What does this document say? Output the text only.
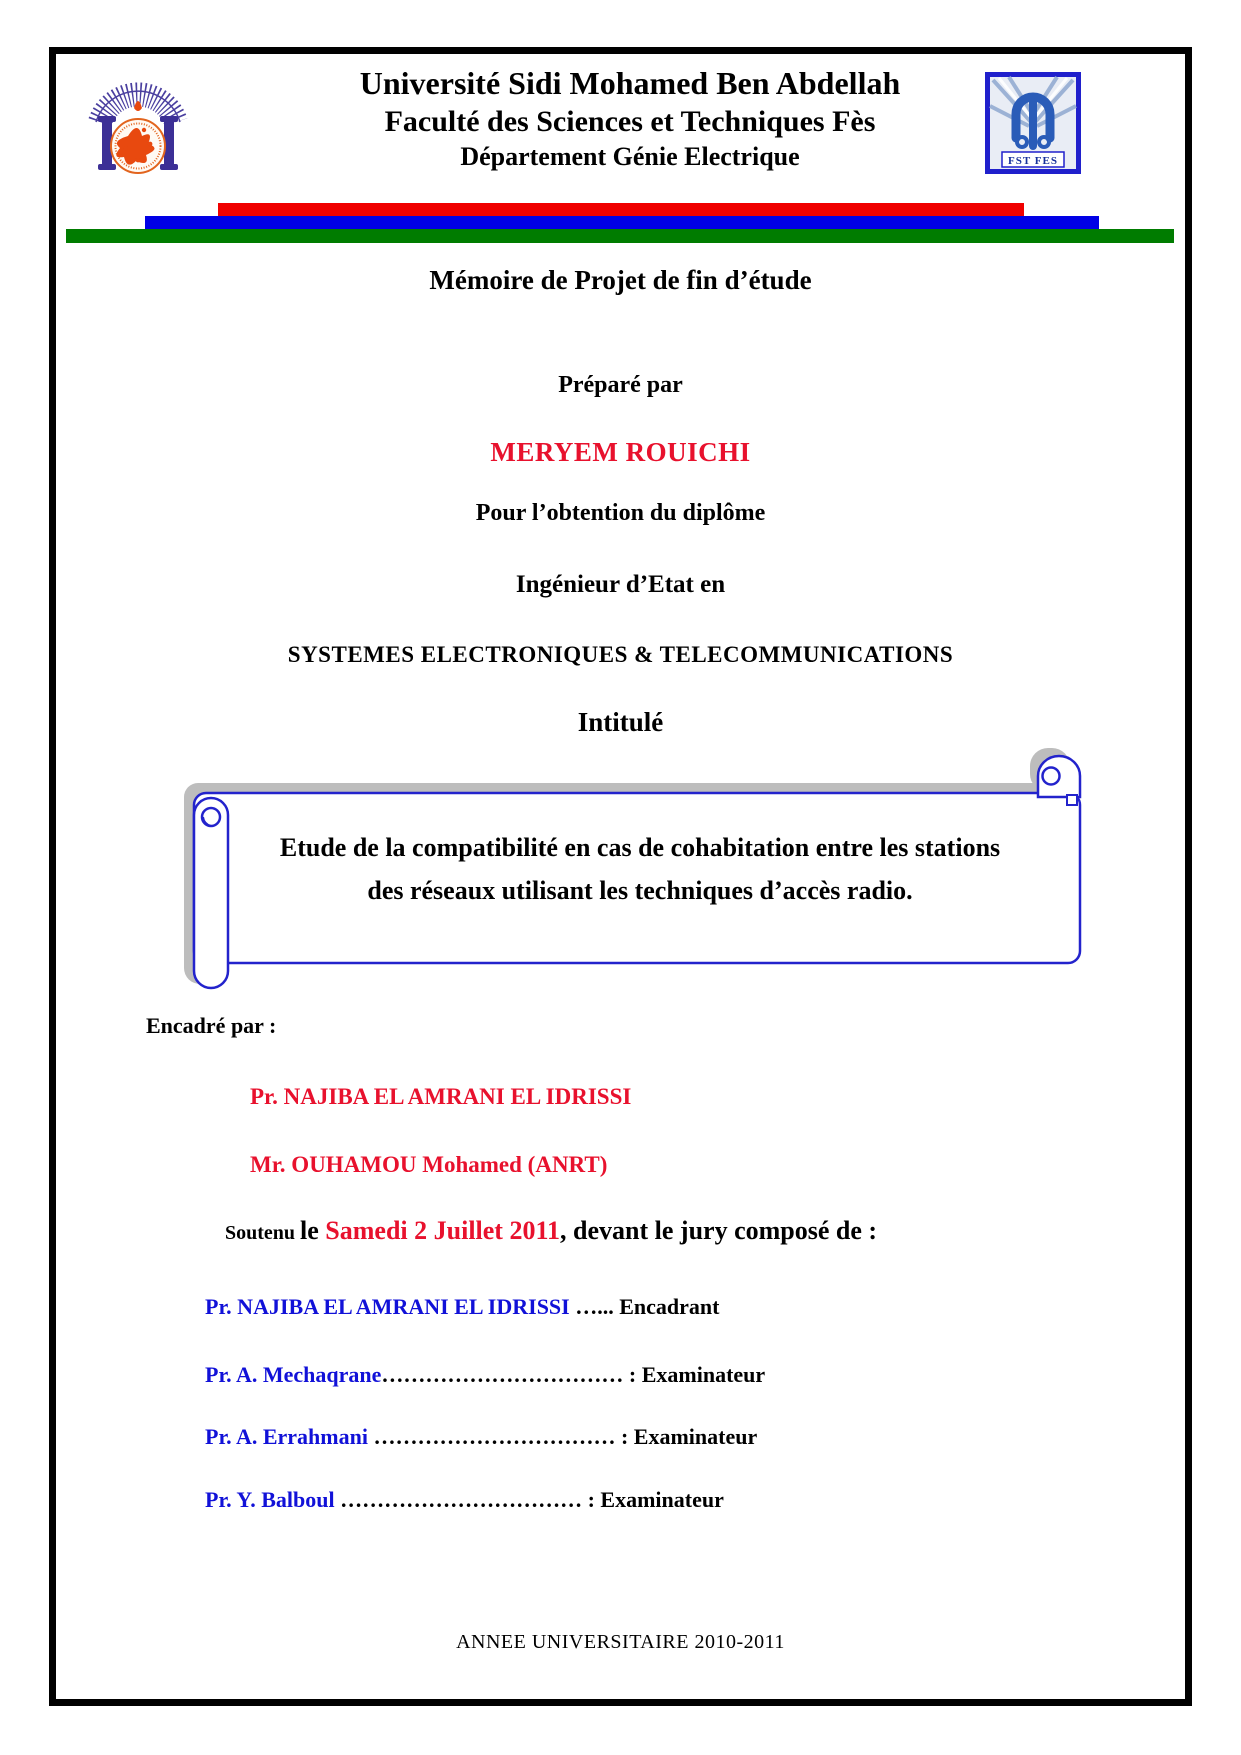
Université Sidi Mohamed Ben Abdellah
Faculté des Sciences et Techniques Fès
Département Génie Electrique	FST FES
Mémoire de Projet de fin d’étude
Préparé par
MERYEM ROUICHI
Pour l’obtention du diplôme
Ingénieur d’Etat en
SYSTEMES ELECTRONIQUES & TELECOMMUNICATIONS
Intitulé
Etude de la compatibilité en cas de cohabitation entre les stations
des réseaux utilisant les techniques d’accès radio.
Encadré par :
Pr. NAJIBA EL AMRANI EL IDRISSI
Mr. OUHAMOU Mohamed (ANRT)
Soutenu le Samedi 2 Juillet 2011, devant le jury composé de :
Pr. NAJIBA EL AMRANI EL IDRISSI …... Encadrant
Pr. A. Mechaqrane…………………………… : Examinateur
Pr. A. Errahmani …………………………… : Examinateur
Pr. Y. Balboul …………………………… : Examinateur
ANNEE UNIVERSITAIRE 2010-2011
